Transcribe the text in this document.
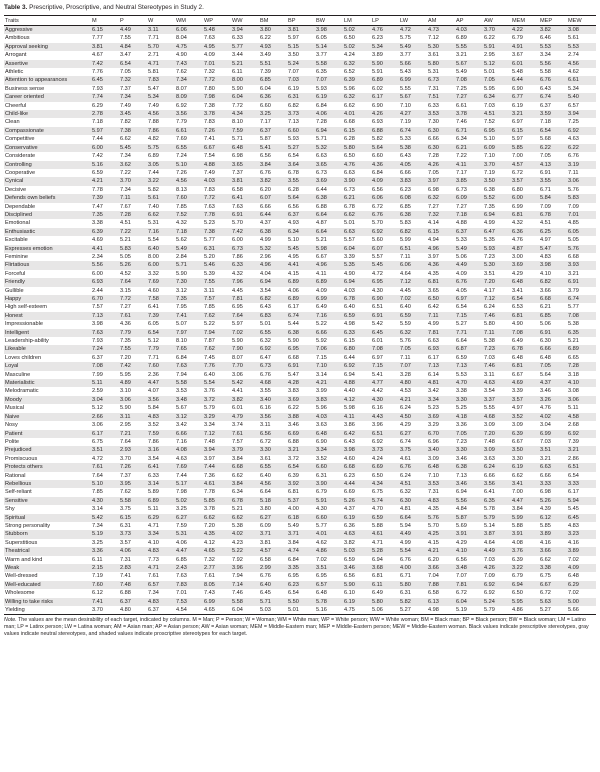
Table 3. Prescriptive, Proscriptive, and Neutral Stereotypes in Study 2.
Traits	M	P	W	WM	WP	WW	BM	BP	BW	LM	LP	LW	AM	AP	AW	MEM	MEP	MEW
Aggressive	6.15	4.49	3.11	6.06	5.48	3.94	3.80	3.81	3.98	5.02	4.76	4.72	4.73	4.03	3.70	4.22	3.82	3.08
Ambitious	7.77	7.55	7.71	8.04	7.63	6.33	6.22	5.97	6.05	6.50	6.23	5.75	7.12	6.89	6.22	6.79	6.46	5.61
Approval seeking	3.81	4.84	5.70	4.75	4.95	5.77	4.93	5.15	5.14	5.02	5.34	5.49	5.30	5.55	5.91	4.91	5.53	5.53
Arrogant	4.67	3.47	2.71	4.90	4.09	3.44	3.49	3.50	3.77	4.24	3.89	3.77	3.61	3.21	2.95	3.67	3.34	2.74
Assertive	7.42	6.54	4.71	7.43	7.01	5.21	5.51	5.24	5.58	6.32	5.90	5.66	5.80	5.67	5.12	6.01	5.56	4.56
Athletic	7.76	7.05	5.81	7.62	7.32	6.11	7.39	7.07	6.35	6.52	5.91	5.43	5.31	5.49	5.01	5.48	5.58	4.62
Attention to appearances	6.45	7.32	7.83	7.34	7.72	8.00	6.85	7.03	7.07	6.39	6.89	6.99	6.73	7.08	7.05	6.44	6.76	6.61
Business sense	7.93	7.37	5.47	8.07	7.80	5.90	6.04	6.19	5.93	5.96	6.02	5.55	7.31	7.25	5.95	6.90	6.43	5.34
Career oriented	7.74	7.34	5.34	8.09	7.98	6.04	6.36	6.31	6.19	6.32	6.17	5.67	7.51	7.27	6.34	6.77	6.74	5.40
Cheerful	6.29	7.49	7.49	6.92	7.38	7.72	6.60	6.82	6.84	6.62	6.90	7.10	6.33	6.61	7.03	6.19	6.37	6.57
Child-like	2.78	3.45	4.56	3.56	3.78	4.34	3.25	3.73	4.06	4.01	4.26	4.27	3.53	3.78	4.51	3.21	3.59	3.94
Clean	7.18	7.82	7.88	7.79	7.83	8.10	7.17	7.13	7.28	6.68	6.93	7.19	7.30	7.46	7.52	6.97	7.18	7.25
Compassionate	5.97	7.38	7.86	6.61	7.26	7.59	6.37	6.60	6.94	6.15	6.88	6.74	6.30	6.71	6.95	6.15	6.54	6.92
Competitive	7.44	6.62	4.82	7.69	7.41	5.71	5.87	5.93	5.71	6.28	5.82	5.33	6.66	6.34	5.10	5.97	5.68	4.63
Conservative	6.00	5.45	5.75	6.55	6.67	6.48	5.41	5.27	5.32	5.80	5.64	5.38	6.30	6.21	6.09	5.85	6.22	6.22
Considerate	7.42	7.34	6.89	7.24	7.54	6.98	6.56	6.54	6.63	6.50	6.60	6.43	7.28	7.22	7.10	7.00	7.05	6.76
Controlling	5.16	3.62	3.05	5.10	4.88	3.65	3.84	3.64	3.65	4.76	4.36	4.05	4.26	4.11	3.70	4.57	4.13	3.19
Cooperative	6.59	7.22	7.44	7.26	7.49	7.37	6.76	6.78	6.73	6.63	6.84	6.66	7.05	7.17	7.19	6.72	6.91	7.11
Cynical	4.21	3.70	3.22	4.56	4.03	3.81	3.82	3.55	3.69	3.90	4.09	3.83	3.97	3.85	3.50	3.57	3.55	3.06
Decisive	7.78	7.34	5.82	8.13	7.83	6.58	6.20	6.28	6.44	6.73	6.56	6.23	6.98	6.73	6.38	6.80	6.71	5.76
Defends own beliefs	7.39	7.11	5.61	7.60	7.72	6.41	6.07	5.64	6.38	6.21	6.06	6.08	6.32	6.09	5.52	6.00	5.84	5.83
Dependable	7.47	7.67	7.40	7.85	7.63	7.63	6.66	6.56	6.88	6.78	6.72	6.85	7.27	7.27	7.35	6.99	7.09	7.09
Disciplined	7.35	7.28	6.62	7.52	7.78	6.91	6.44	6.37	6.64	6.62	6.76	6.38	7.32	7.18	6.94	6.81	6.78	7.01
Emotional	3.38	4.51	5.31	4.32	5.23	5.70	4.37	4.93	4.87	5.01	5.70	5.83	4.14	4.88	4.99	4.32	4.51	4.85
Enthusiastic	6.39	7.22	7.16	7.18	7.38	7.42	6.38	6.34	6.64	6.63	6.92	6.82	6.15	6.37	6.47	6.36	6.25	6.05
Excitable	4.69	5.21	5.54	5.62	5.77	6.00	4.99	5.10	5.21	5.57	5.60	5.99	4.94	5.33	5.35	4.76	4.97	5.05
Expresses emotion	4.41	5.83	6.40	5.49	6.31	6.73	5.32	5.45	5.98	6.04	6.07	6.51	4.96	5.49	5.93	4.87	5.47	5.76
Feminine	2.34	5.05	8.00	2.84	5.20	7.86	2.96	4.95	6.67	3.39	5.57	7.11	3.97	5.06	7.23	3.00	4.83	6.68
Flirtatious	5.56	5.26	6.00	5.71	5.46	6.33	4.96	4.41	4.96	5.35	5.45	6.06	4.36	4.49	5.30	3.69	3.98	3.93
Forceful	6.00	4.52	3.32	5.90	5.39	4.32	4.04	4.15	4.11	4.90	4.72	4.64	4.35	4.09	3.51	4.29	4.10	3.21
Friendly	6.93	7.64	7.69	7.30	7.55	7.96	6.94	6.89	6.89	6.94	6.95	7.12	6.81	6.76	7.20	6.48	6.82	6.91
Gullible	2.44	3.15	4.60	3.12	3.11	4.45	3.54	4.06	4.09	4.03	4.30	4.45	3.65	4.05	4.17	3.41	3.66	3.79
Happy	6.70	7.72	7.58	7.35	7.57	7.81	6.82	6.89	6.99	6.78	6.90	7.02	6.50	6.97	7.12	6.54	6.68	6.74
High self-esteem	7.57	7.27	6.41	7.95	7.85	6.95	6.43	6.17	6.49	6.40	6.51	6.40	6.42	6.54	6.24	6.53	6.21	5.77
Honest	7.13	7.61	7.39	7.41	7.62	7.64	6.83	6.74	7.16	6.59	6.91	6.59	7.11	7.15	7.46	6.81	6.85	7.08
Impressionable	3.98	4.36	6.05	5.07	5.22	5.97	5.01	5.44	5.22	4.98	5.42	5.59	4.99	5.27	5.80	4.90	5.06	5.38
Intelligent	7.63	7.79	6.54	7.97	7.94	7.02	6.55	6.38	6.66	6.33	6.45	6.32	7.81	7.71	7.11	7.08	6.91	6.35
Leadership-ability	7.93	7.35	5.12	8.10	7.87	5.90	6.32	5.90	5.92	6.15	6.01	5.76	6.63	6.64	5.38	6.49	6.30	5.21
Likeable	7.24	7.55	7.79	7.65	7.62	7.90	6.92	6.95	7.06	6.80	7.08	7.05	6.93	6.87	7.23	6.78	6.66	6.89
Loves children	6.37	7.20	7.71	6.84	7.45	8.07	6.47	6.68	7.15	6.44	6.97	7.11	6.17	6.59	7.03	6.48	6.48	6.65
Loyal	7.08	7.42	7.60	7.63	7.76	7.70	6.73	6.91	7.10	6.92	7.15	7.07	7.13	7.13	7.46	6.81	7.05	7.28
Masculine	7.99	5.95	2.36	7.94	6.40	3.06	6.76	5.47	3.14	6.94	5.41	3.28	6.14	5.53	3.11	6.67	5.64	3.18
Materialistic	5.11	4.89	4.47	5.58	5.54	5.42	4.68	4.28	4.21	4.88	4.77	4.80	4.81	4.70	4.63	4.69	4.37	4.10
Melodramatic	2.59	3.10	4.07	3.53	3.76	4.41	3.55	3.83	3.99	4.40	4.42	4.53	3.42	3.38	3.54	3.39	3.46	3.08
Moody	3.04	3.06	3.56	3.48	3.72	3.82	3.40	3.69	3.83	4.12	4.30	4.21	3.34	3.30	3.37	3.57	3.26	3.06
Musical	5.12	5.90	5.84	5.67	5.79	6.01	6.16	6.22	5.96	5.98	6.16	6.24	5.23	5.25	5.55	4.97	4.76	5.11
Naive	2.66	3.11	4.83	3.12	3.29	4.79	3.56	3.88	4.03	4.11	4.43	4.50	3.69	4.18	4.68	3.52	4.02	4.58
Nosy	3.06	2.95	3.52	3.42	3.34	3.74	3.11	3.46	3.63	3.86	3.96	4.29	3.29	3.36	3.09	3.09	3.04	2.68
Patient	6.17	7.21	7.59	6.66	7.12	7.61	6.56	6.69	6.48	6.42	6.51	6.27	6.70	7.05	7.20	6.39	6.99	6.92
Polite	6.75	7.64	7.86	7.16	7.48	7.57	6.72	6.88	6.90	6.43	6.92	6.74	6.96	7.23	7.48	6.67	7.03	7.39
Prejudiced	3.51	2.93	3.16	4.08	3.94	3.79	3.30	3.21	3.34	3.98	3.73	3.75	3.40	3.30	3.09	3.50	3.51	3.21
Promiscuous	4.72	3.70	3.54	4.63	3.97	3.84	3.61	3.72	3.52	4.60	4.24	4.61	3.09	3.46	3.63	3.30	3.21	2.86
Protects others	7.61	7.26	6.41	7.69	7.44	6.68	6.55	6.54	6.60	6.68	6.69	6.76	6.48	6.38	6.24	6.19	6.63	6.51
Rational	7.64	7.37	6.33	7.44	7.36	6.62	6.40	6.39	6.31	6.23	6.50	6.24	7.10	7.13	6.66	6.62	6.66	6.54
Rebellious	5.10	3.95	3.14	5.17	4.61	3.84	4.56	3.92	3.90	4.44	4.34	4.51	3.53	3.46	3.56	3.41	3.33	3.33
Self-reliant	7.85	7.62	5.89	7.98	7.78	6.34	6.64	6.81	6.79	6.69	6.75	6.32	7.31	6.94	6.41	7.00	6.98	6.17
Sensitive	4.30	5.58	6.89	5.02	5.85	6.78	5.18	5.37	5.91	5.26	5.74	6.30	4.83	5.56	6.35	4.47	5.26	5.94
Shy	3.14	3.75	5.11	3.25	3.78	5.21	3.80	4.00	4.30	4.37	4.70	4.81	4.35	4.84	5.78	3.84	4.39	5.45
Spiritual	5.42	6.15	6.29	6.27	6.62	6.62	6.27	6.18	6.60	6.19	6.59	6.64	5.76	5.87	5.79	5.99	6.12	6.45
Strong personality	7.34	6.31	4.71	7.59	7.20	5.38	6.09	5.49	5.77	6.36	5.88	5.94	5.70	5.69	5.14	5.88	5.85	4.83
Stubborn	5.19	3.73	3.34	5.31	4.35	4.02	3.71	3.71	4.01	4.63	4.61	4.49	4.25	3.91	3.87	3.91	3.89	3.23
Superstitious	3.25	3.57	4.10	4.06	4.12	4.23	3.81	3.84	4.62	3.82	4.71	4.99	4.15	4.29	4.64	4.08	4.16	4.16
Theatrical	3.36	4.06	4.83	4.47	4.65	5.22	4.57	4.74	4.86	5.03	5.28	5.54	4.21	4.10	4.49	3.76	3.66	3.89
Warm and kind	6.11	7.31	7.73	6.85	7.32	7.92	6.58	6.84	7.02	6.59	6.94	6.76	6.20	6.56	7.03	6.39	6.62	7.02
Weak	2.15	2.83	4.71	2.43	2.77	3.96	2.99	3.35	3.51	3.46	3.68	4.00	3.66	3.48	4.26	3.22	3.38	4.09
Well-dressed	7.19	7.41	7.61	7.63	7.61	7.94	6.76	6.95	6.95	6.56	6.81	6.71	7.04	7.07	7.09	6.79	6.75	6.48
Well-educated	7.60	7.48	6.57	7.83	8.05	7.14	6.40	6.23	6.57	5.90	6.11	5.80	7.88	7.81	6.92	6.94	6.67	6.29
Wholesome	6.12	6.88	7.34	7.01	7.43	7.46	6.45	6.54	6.48	6.10	6.49	6.31	6.58	6.72	6.92	6.50	6.72	7.02
Willing to take risks	7.41	6.37	4.83	7.53	6.99	5.58	5.71	5.50	5.78	6.19	5.80	5.82	6.13	6.04	5.24	5.95	5.63	5.00
Yielding	3.70	4.80	6.37	4.54	4.65	6.04	5.03	5.01	5.16	4.75	5.06	5.27	4.98	5.19	5.79	4.86	5.27	5.66
Note. The values are the mean desirability of each target, indicated by columns. M = Man; P = Person; W = Woman; WM = White man; WP = White person; WW = White woman; BM = Black man; BP = Black person; BW = Black woman; LM = Latino man; LP = Latinx person; LW = Latina woman; AM = Asian man; AP = Asian person; AW = Asian woman; MEM = Middle-Eastern man; MEP = Middle-Eastern person; MEW = Middle-Eastern woman. Black values indicate prescriptive stereotypes, gray values indicate neutral stereotypes, and shaded values indicate proscriptive stereotypes for each target.
